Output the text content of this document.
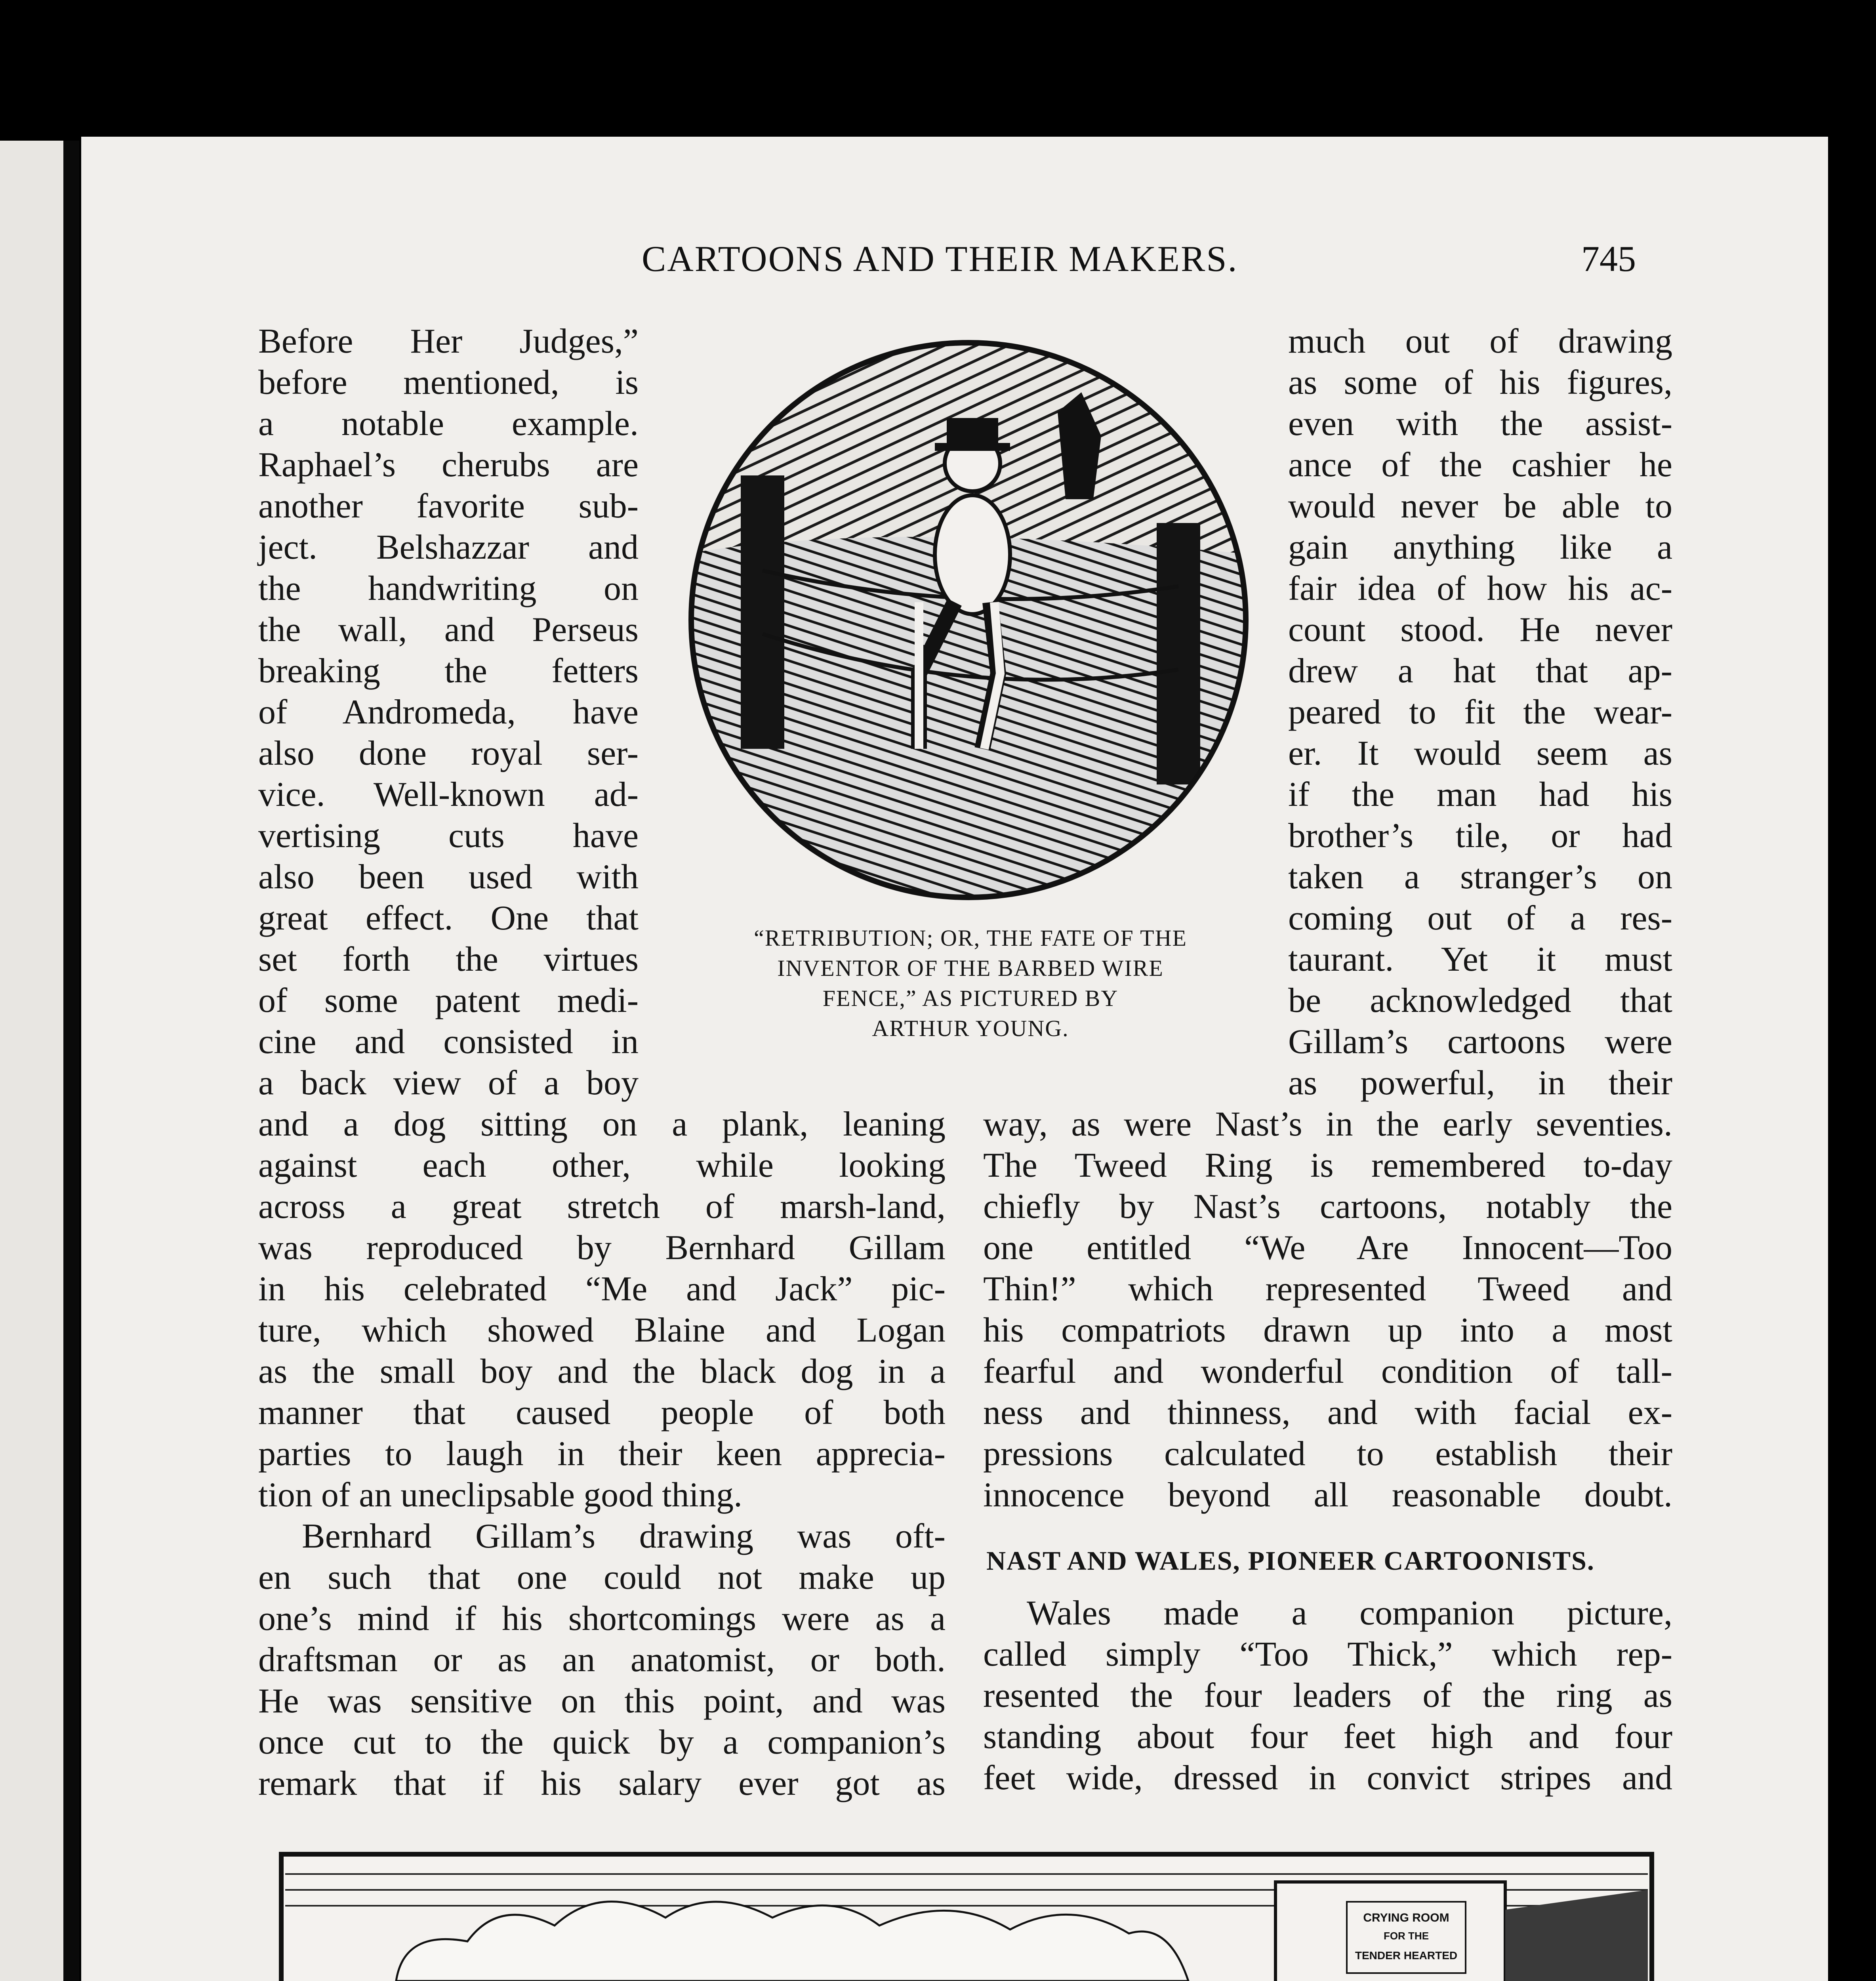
CARTOONS AND THEIR MAKERS.	745
Before Her Judges,”
before mentioned, is
a notable example.
Raphael’s cherubs are
another favorite sub-
ject. Belshazzar and
the handwriting on
the wall, and Perseus
breaking the fetters
of Andromeda, have
also done royal ser-
vice. Well-known ad-
vertising cuts have
also been used with
great effect. One that
set forth the virtues
of some patent medi-
cine and consisted in
a back view of a boy
much out of drawing
as some of his figures,
even with the assist-
ance of the cashier he
would never be able to
gain anything like a
fair idea of how his ac-
count stood. He never
drew a hat that ap-
peared to fit the wear-
er. It would seem as
if the man had his
brother’s tile, or had
taken a stranger’s on
coming out of a res-
taurant. Yet it must
be acknowledged that
Gillam’s cartoons were
as powerful, in their
“RETRIBUTION; OR, THE FATE OF THE
INVENTOR OF THE BARBED WIRE
FENCE,” AS PICTURED BY
ARTHUR YOUNG.
and a dog sitting on a plank, leaning
against each other, while looking
across a great stretch of marsh-land,
was reproduced by Bernhard Gillam
in his celebrated “Me and Jack” pic-
ture, which showed Blaine and Logan
as the small boy and the black dog in a
manner that caused people of both
parties to laugh in their keen apprecia-
tion of an uneclipsable good thing.
Bernhard Gillam’s drawing was oft-
en such that one could not make up
one’s mind if his shortcomings were as a
draftsman or as an anatomist, or both.
He was sensitive on this point, and was
once cut to the quick by a companion’s
remark that if his salary ever got as
way, as were Nast’s in the early seventies.
The Tweed Ring is remembered to-day
chiefly by Nast’s cartoons, notably the
one entitled “We Are Innocent—Too
Thin!” which represented Tweed and
his compatriots drawn up into a most
fearful and wonderful condition of tall-
ness and thinness, and with facial ex-
pressions calculated to establish their
innocence beyond all reasonable doubt.
NAST AND WALES, PIONEER CARTOONISTS.
Wales made a companion picture,
called simply “Too Thick,” which rep-
resented the four leaders of the ring as
standing about four feet high and four
feet wide, dressed in convict stripes and
CRYING ROOM
FOR THE
TENDER HEARTED
